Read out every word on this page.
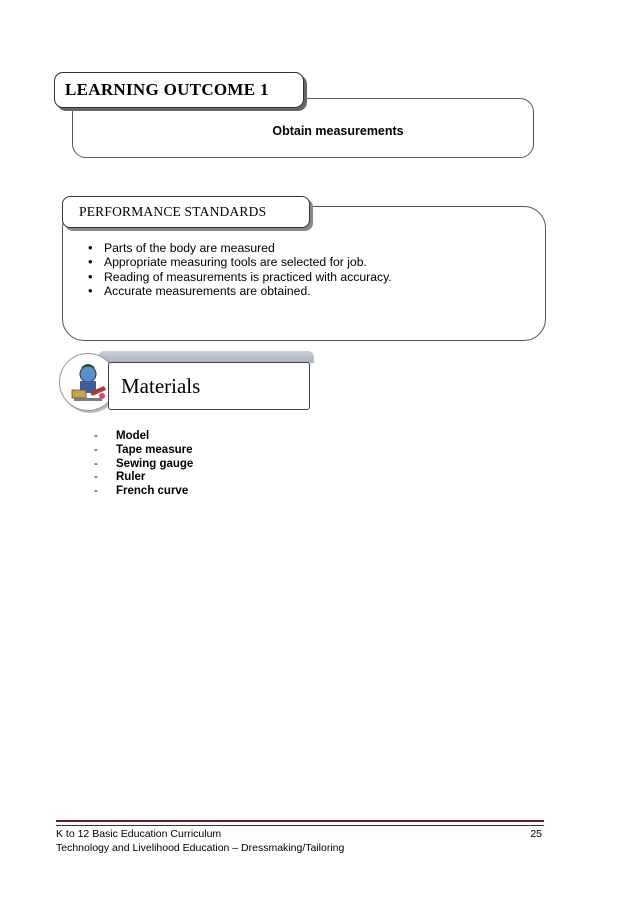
Obtain measurements
LEARNING OUTCOME 1
PERFORMANCE STANDARDS
• Parts of the body are measured
• Appropriate measuring tools are selected for job.
• Reading of measurements is practiced with accuracy.
• Accurate measurements are obtained.
Materials
- Model
- Tape measure
- Sewing gauge
- Ruler
- French curve
K to 12 Basic Education Curriculum
Technology and Livelihood Education – Dressmaking/Tailoring
25
